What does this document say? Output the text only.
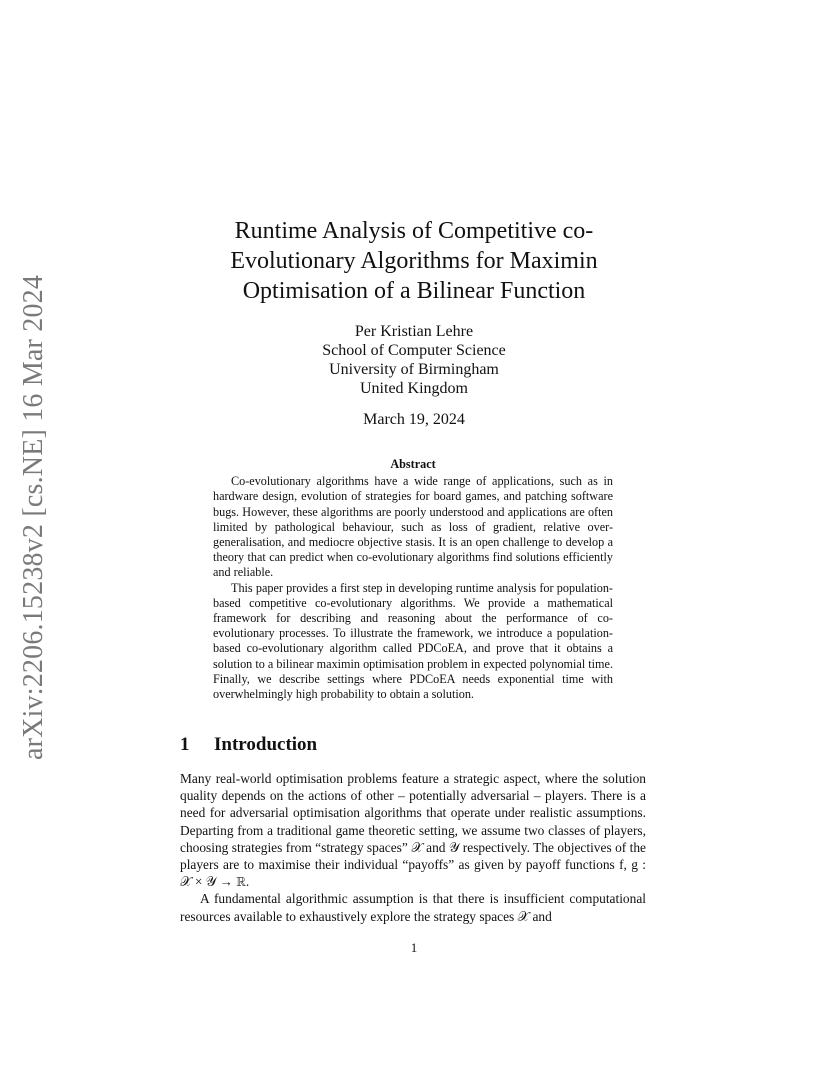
arXiv:2206.15238v2 [cs.NE] 16 Mar 2024
Runtime Analysis of Competitive co-Evolutionary Algorithms for Maximin Optimisation of a Bilinear Function
Per Kristian Lehre
School of Computer Science
University of Birmingham
United Kingdom
March 19, 2024
Abstract

Co-evolutionary algorithms have a wide range of applications, such as in hardware design, evolution of strategies for board games, and patching software bugs. However, these algorithms are poorly understood and applications are often limited by pathological behaviour, such as loss of gradient, relative over-generalisation, and mediocre objective stasis. It is an open challenge to develop a theory that can predict when co-evolutionary algorithms find solutions efficiently and reliable.

This paper provides a first step in developing runtime analysis for population-based competitive co-evolutionary algorithms. We provide a mathematical framework for describing and reasoning about the performance of co-evolutionary processes. To illustrate the framework, we introduce a population-based co-evolutionary algorithm called PDCoEA, and prove that it obtains a solution to a bilinear maximin optimisation problem in expected polynomial time. Finally, we describe settings where PDCoEA needs exponential time with overwhelmingly high probability to obtain a solution.

1 Introduction

Many real-world optimisation problems feature a strategic aspect, where the solution quality depends on the actions of other – potentially adversarial – players. There is a need for adversarial optimisation algorithms that operate under realistic assumptions. Departing from a traditional game theoretic setting, we assume two classes of players, choosing strategies from “strategy spaces” 𝒳 and 𝒴 respectively. The objectives of the players are to maximise their individual “payoffs” as given by payoff functions f, g : 𝒳 × 𝒴 → ℝ.

A fundamental algorithmic assumption is that there is insufficient computational resources available to exhaustively explore the strategy spaces 𝒳 and

1
